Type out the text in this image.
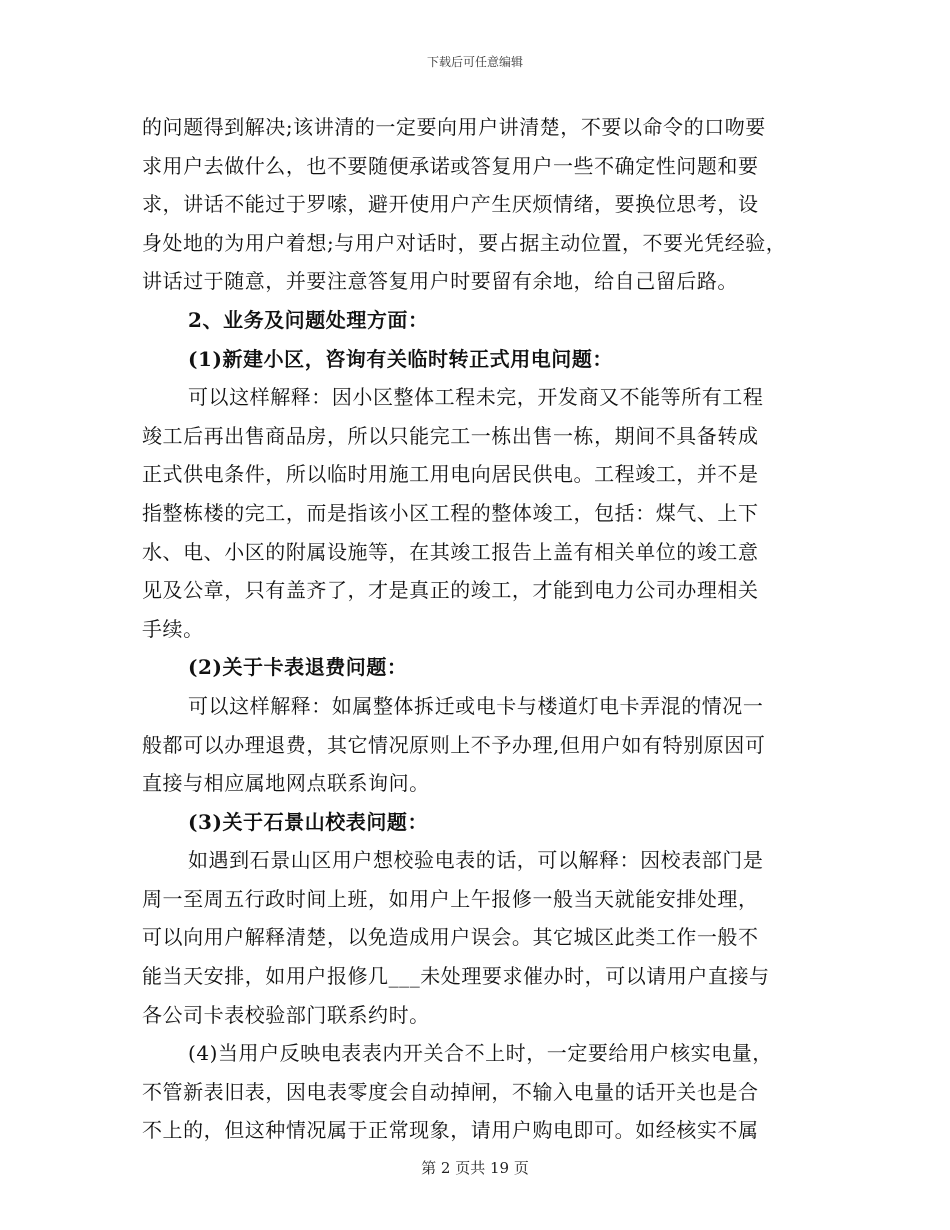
下载后可任意编辑
的问题得到解决;该讲清的一定要向用户讲清楚，不要以命令的口吻要
求用户去做什么，也不要随便承诺或答复用户一些不确定性问题和要
求，讲话不能过于罗嗦，避开使用户产生厌烦情绪，要换位思考，设
身处地的为用户着想;与用户对话时，要占据主动位置，不要光凭经验，
讲话过于随意，并要注意答复用户时要留有余地，给自己留后路。
2、业务及问题处理方面：
(1)新建小区，咨询有关临时转正式用电问题：
可以这样解释：因小区整体工程未完，开发商又不能等所有工程
竣工后再出售商品房，所以只能完工一栋出售一栋，期间不具备转成
正式供电条件，所以临时用施工用电向居民供电。工程竣工，并不是
指整栋楼的完工，而是指该小区工程的整体竣工，包括：煤气、上下
水、电、小区的附属设施等，在其竣工报告上盖有相关单位的竣工意
见及公章，只有盖齐了，才是真正的竣工，才能到电力公司办理相关
手续。
(2)关于卡表退费问题：
可以这样解释：如属整体拆迁或电卡与楼道灯电卡弄混的情况一
般都可以办理退费，其它情况原则上不予办理,但用户如有特别原因可
直接与相应属地网点联系询问。
(3)关于石景山校表问题：
如遇到石景山区用户想校验电表的话，可以解释：因校表部门是
周一至周五行政时间上班，如用户上午报修一般当天就能安排处理，
可以向用户解释清楚，以免造成用户误会。其它城区此类工作一般不
能当天安排，如用户报修几___未处理要求催办时，可以请用户直接与
各公司卡表校验部门联系约时。
(4)当用户反映电表表内开关合不上时，一定要给用户核实电量，
不管新表旧表，因电表零度会自动掉闸，不输入电量的话开关也是合
不上的，但这种情况属于正常现象，请用户购电即可。如经核实不属
第 2 页共 19 页
